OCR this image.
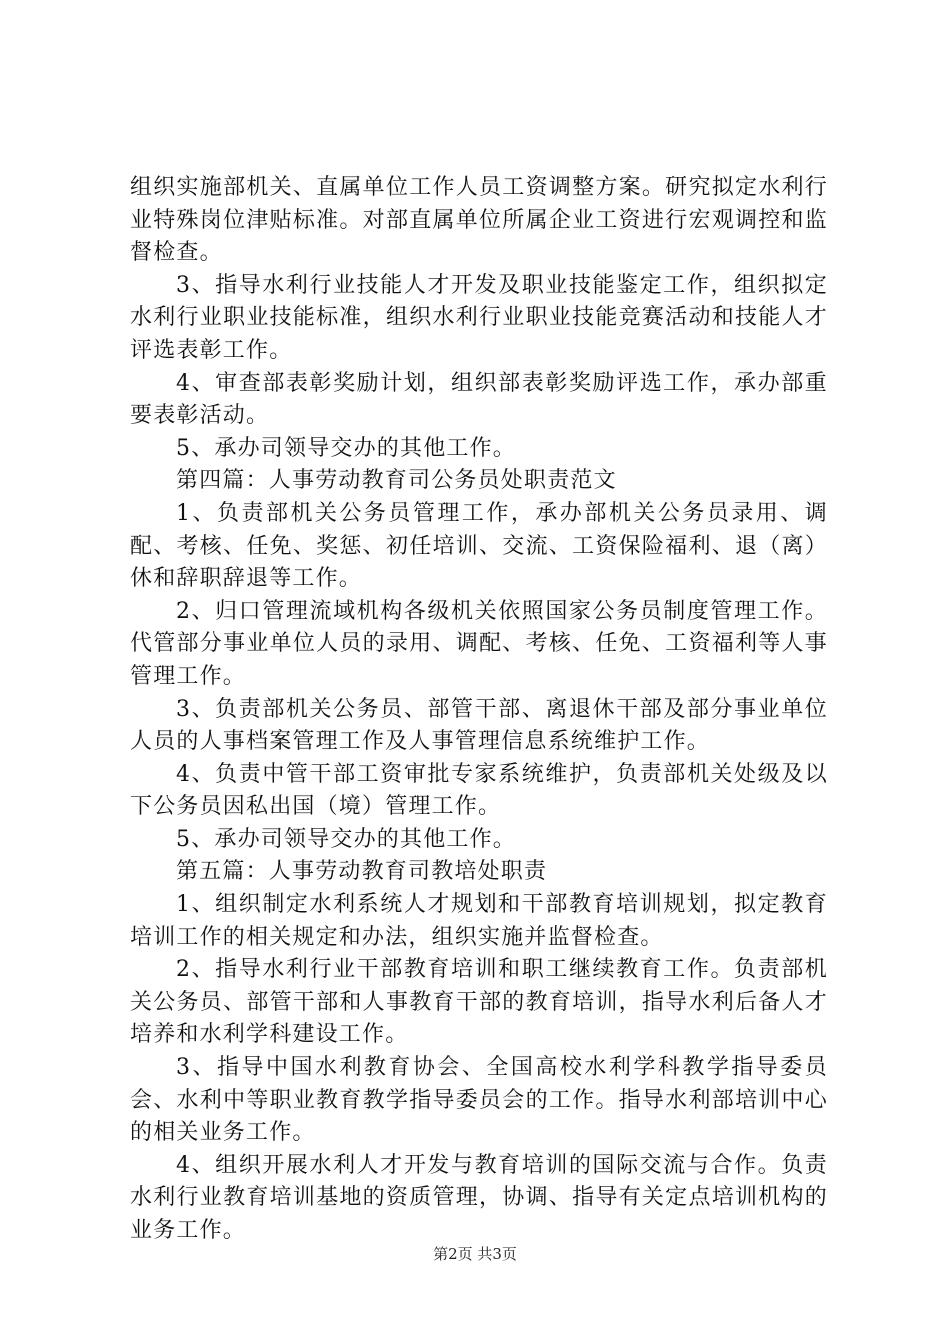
组织实施部机关、直属单位工作人员工资调整方案。研究拟定水利行业特殊岗位津贴标准。对部直属单位所属企业工资进行宏观调控和监督检查。

3、指导水利行业技能人才开发及职业技能鉴定工作，组织拟定水利行业职业技能标准，组织水利行业职业技能竞赛活动和技能人才评选表彰工作。

4、审查部表彰奖励计划，组织部表彰奖励评选工作，承办部重要表彰活动。

5、承办司领导交办的其他工作。

第四篇：人事劳动教育司公务员处职责范文

1、负责部机关公务员管理工作，承办部机关公务员录用、调配、考核、任免、奖惩、初任培训、交流、工资保险福利、退（离）休和辞职辞退等工作。

2、归口管理流域机构各级机关依照国家公务员制度管理工作。代管部分事业单位人员的录用、调配、考核、任免、工资福利等人事管理工作。

3、负责部机关公务员、部管干部、离退休干部及部分事业单位人员的人事档案管理工作及人事管理信息系统维护工作。

4、负责中管干部工资审批专家系统维护，负责部机关处级及以下公务员因私出国（境）管理工作。

5、承办司领导交办的其他工作。

第五篇：人事劳动教育司教培处职责

1、组织制定水利系统人才规划和干部教育培训规划，拟定教育培训工作的相关规定和办法，组织实施并监督检查。

2、指导水利行业干部教育培训和职工继续教育工作。负责部机关公务员、部管干部和人事教育干部的教育培训，指导水利后备人才培养和水利学科建设工作。

3、指导中国水利教育协会、全国高校水利学科教学指导委员会、水利中等职业教育教学指导委员会的工作。指导水利部培训中心的相关业务工作。

4、组织开展水利人才开发与教育培训的国际交流与合作。负责水利行业教育培训基地的资质管理，协调、指导有关定点培训机构的业务工作。

第2页 共3页
